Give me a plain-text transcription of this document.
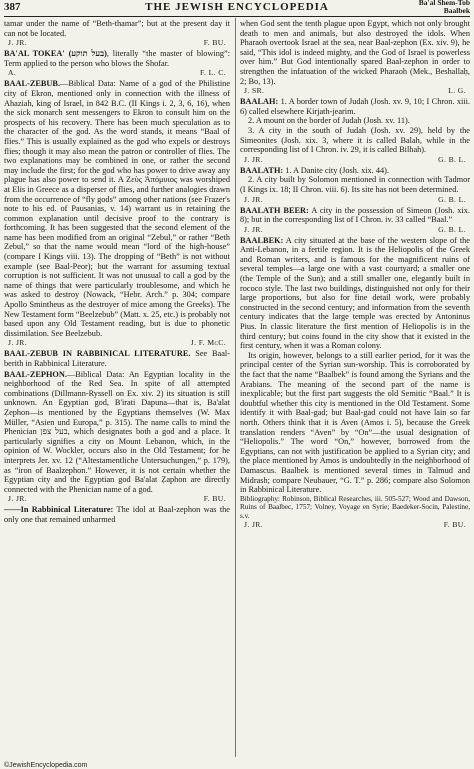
387	THE JEWISH ENCYCLOPEDIA	Ba'al Shem-Tob
Baalbek

tamar under the name of “Beth-thamar”; but at the present day it can not be located.

J. JR.	F. BU.

BA'AL TOKEA' (בעל תוקע), literally “the master of blowing”: Term applied to the person who blows the Shofar.

A.	F. L. C.

BAAL-ZEBUB.—Biblical Data: Name of a god of the Philistine city of Ekron, mentioned only in connection with the illness of Ahaziah, king of Israel, in 842 B.C. (II Kings i. 2, 3, 6, 16), when the sick monarch sent messengers to Ekron to consult him on the prospects of his recovery. There has been much speculation as to the character of the god. As the word stands, it means “Baal of flies.” This is usually explained as the god who expels or destroys flies; though it may also mean the patron or controller of flies. The two explanations may be combined in one, or rather the second may include the first; for the god who has power to drive away any plague has also power to send it. A Ζεὺς Ἀπόμυιος was worshiped at Elis in Greece as a disperser of flies, and further analogies drawn from the occurrence of “fly gods” among other nations (see Frazer's note to his ed. of Pausanias, v. 14) warrant us in retaining the common explanation until decisive proof to the contrary is forthcoming. It has been suggested that the second element of the name has been modified from an original “Zebul,” or rather “Beth Zebul,” so that the name would mean “lord of the high-house” (compare I Kings viii. 13). The dropping of “Beth” is not without example (see Baal-Peor); but the warrant for assuming textual corruption is not sufficient. It was not unusual to call a god by the name of things that were particularly troublesome, and which he was asked to destroy (Nowack, “Hebr. Arch.” p. 304; compare Apollo Smintheus as the destroyer of mice among the Greeks). The New Testament form “Beelzebub” (Matt. x. 25, etc.) is probably not based upon any Old Testament reading, but is due to phonetic dissimilation. See Beelzebub.

J. JR.	J. F. McC.

BAAL-ZEBUB IN RABBINICAL LITERATURE. See Baal-berith in Rabbinical Literature.

BAAL-ZEPHON.—Biblical Data: An Egyptian locality in the neighborhood of the Red Sea. In spite of all attempted combinations (Dillmann-Ryssell on Ex. xiv. 2) its situation is still unknown. An Egyptian god, B'irati Dapuna—that is, Ba'alat Ẓephon—is mentioned by the Egyptians themselves (W. Max Müller, “Asien und Europa,” p. 315). The name calls to mind the Phenician בעל צפן, which designates both a god and a place. It particularly signifies a city on Mount Lebanon, which, in the opinion of W. Wockler, occurs also in the Old Testament; for he interprets Jer. xv. 12 (“Altestamentliche Untersuchungen,” p. 179), as “iron of Baalzephon.” However, it is not certain whether the Egyptian city and the Egyptian god Ba'alat Ẓaphon are directly connected with the Phenician name of a god.

J. JR.	F. BU.

——In Rabbinical Literature: The idol at Baal-zephon was the only one that remained unharmed

when God sent the tenth plague upon Egypt, which not only brought death to men and animals, but also destroyed the idols. When Pharaoh overtook Israel at the sea, near Baal-zephon (Ex. xiv. 9), he said, “This idol is indeed mighty, and the God of Israel is powerless over him.” But God intentionally spared Baal-zephon in order to strengthen the infatuation of the wicked Pharaoh (Mek., Beshallaḥ, 2; Bo, 13).

J. SR.	L. G.

BAALAH: 1. A border town of Judah (Josh. xv. 9, 10; I Chron. xiii. 6) called elsewhere Kirjath-jearim.

2. A mount on the border of Judah (Josh. xv. 11).

3. A city in the south of Judah (Josh. xv. 29), held by the Simeonites (Josh. xix. 3, where it is called Balah, while in the corresponding list of I Chron. iv. 29, it is called Bilhah).

J. JR.	G. B. L.

BAALATH: 1. A Danite city (Josh. xix. 44).

2. A city built by Solomon mentioned in connection with Tadmor (I Kings ix. 18; II Chron. viii. 6). Its site has not been determined.

J. JR.	G. B. L.

BAALATH BEER: A city in the possession of Simeon (Josh. xix. 8); but in the corresponding list of I Chron. iv. 33 called “Baal.”

J. JR.	G. B. L.

BAALBEK: A city situated at the base of the western slope of the Anti-Lebanon, in a fertile region. It is the Heliopolis of the Greek and Roman writers, and is famous for the magnificent ruins of several temples—a large one with a vast courtyard; a smaller one (the Temple of the Sun); and a still smaller one, elegantly built in rococo style. The last two buildings, distinguished not only for their large proportions, but also for fine detail work, were probably constructed in the second century; and information from the seventh century indicates that the large temple was erected by Antoninus Pius. In classic literature the first mention of Heliopolis is in the third century; but coins found in the city show that it existed in the first century, when it was a Roman colony.

Its origin, however, belongs to a still earlier period, for it was the principal center of the Syrian sun-worship. This is corroborated by the fact that the name “Baalbek” is found among the Syrians and the Arabians. The meaning of the second part of the name is inexplicable; but the first part suggests the old Semitic “Baal.” It is doubtful whether this city is mentioned in the Old Testament. Some identify it with Baal-gad; but Baal-gad could not have lain so far north. Others think that it is Aven (Amos i. 5), because the Greek translation renders “Aven” by “On”—the usual designation of “Heliopolis.” The word “On,” however, borrowed from the Egyptians, can not with justification be applied to a Syrian city; and the place mentioned by Amos is undoubtedly in the neighborhood of Damascus. Baalbek is mentioned several times in Talmud and Midrash; compare Neubauer, “G. T.” p. 286; compare also Solomon in Rabbinical Literature.

Bibliography: Robinson, Biblical Researches, iii. 505-527; Wood and Dawson, Ruins of Baalbec, 1757; Volney, Voyage en Syrie; Baedeker-Socin, Palestine, s.v.

J. JR.	F. BU.
©JewishEncyclopedia.com
